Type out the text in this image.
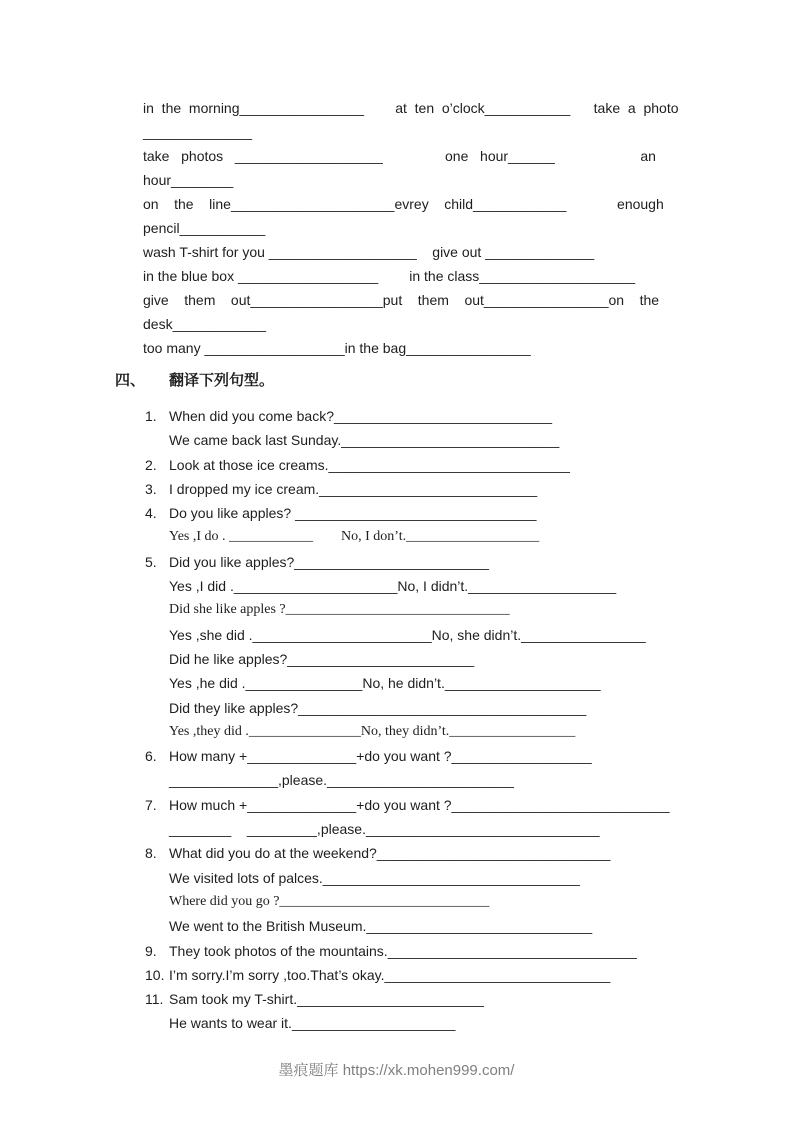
in  the  morning________________        at  ten  o’clock___________      take  a  photo
______________
take   photos   ___________________                one   hour______                      an
hour________
on    the    line_____________________evrey    child____________             enough
pencil___________
wash T-shirt for you ___________________    give out ______________
in the blue box __________________        in the class____________________
give    them    out_________________put    them    out________________on    the
desk____________
too many __________________in the bag________________
四、 翻译下列句型。
1. When did you come back?____________________________
We came back last Sunday.____________________________
2. Look at those ice creams._______________________________
3. I dropped my ice cream.____________________________
4. Do you like apples? _______________________________
Yes ,I do . ____________        No, I don’t.___________________
5. Did you like apples?_________________________
Yes ,I did ._____________________No, I didn’t.___________________
Did she like apples ?________________________________
Yes ,she did ._______________________No, she didn’t.________________
Did he like apples?________________________
Yes ,he did ._______________No, he didn’t.____________________
Did they like apples?_____________________________________
Yes ,they did .________________No, they didn’t.__________________
6. How many +______________+do you want ?__________________
______________,please.________________________
7. How much +______________+do you want ?____________________________
________    _________,please.______________________________
8. What did you do at the weekend?______________________________
We visited lots of palces._________________________________
Where did you go ?______________________________
We went to the British Museum._____________________________
9. They took photos of the mountains.________________________________
10. I’m sorry.I’m sorry ,too.That’s okay._____________________________
11. Sam took my T-shirt.________________________
He wants to wear it._____________________
墨痕题库 https://xk.mohen999.com/
